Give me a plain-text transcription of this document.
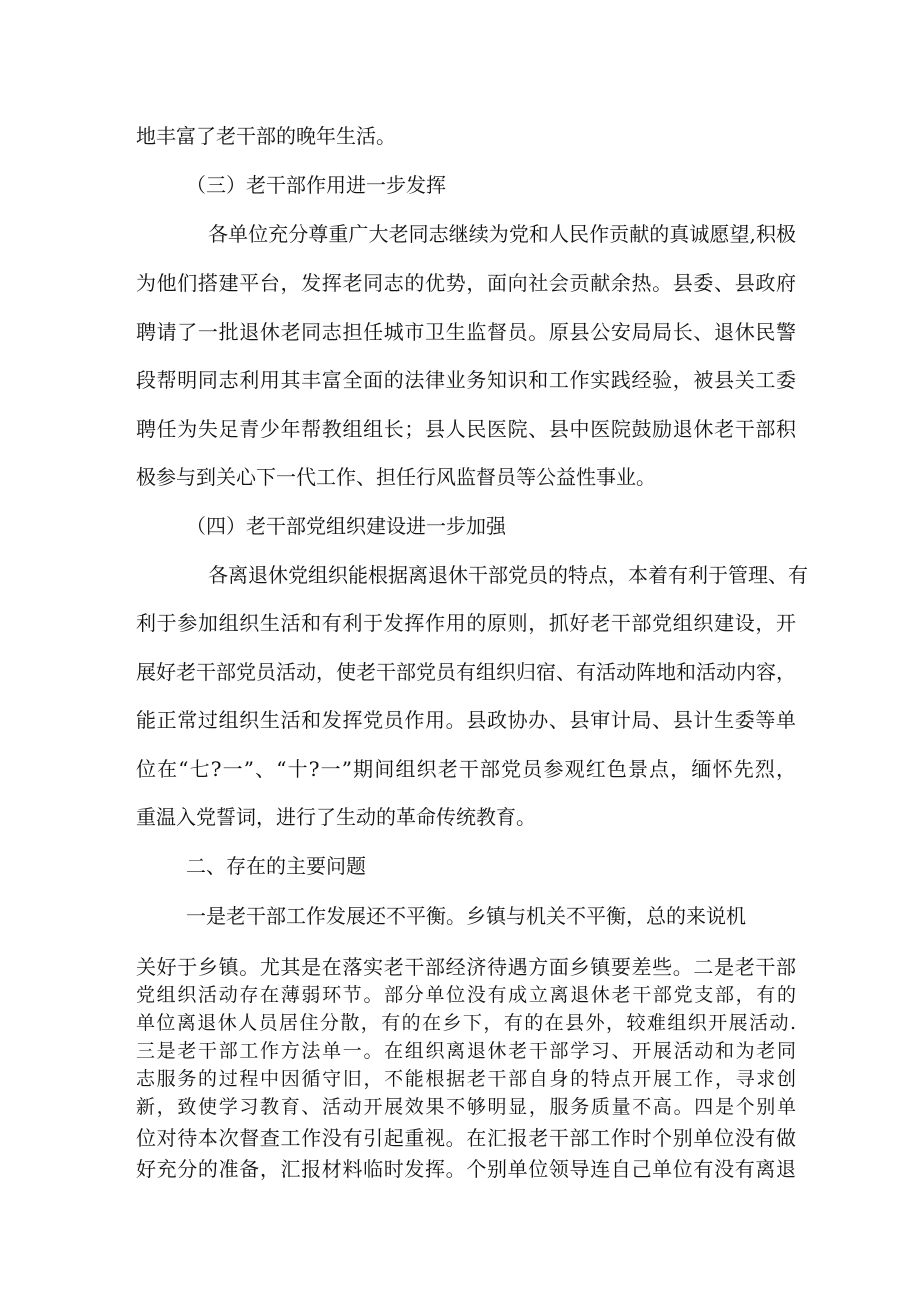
地丰富了老干部的晚年生活。
（三）老干部作用进一步发挥
各单位充分尊重广大老同志继续为党和人民作贡献的真诚愿望,积极
为他们搭建平台，发挥老同志的优势，面向社会贡献余热。县委、县政府
聘请了一批退休老同志担任城市卫生监督员。原县公安局局长、退休民警
段帮明同志利用其丰富全面的法律业务知识和工作实践经验，被县关工委
聘任为失足青少年帮教组组长；县人民医院、县中医院鼓励退休老干部积
极参与到关心下一代工作、担任行风监督员等公益性事业。
（四）老干部党组织建设进一步加强
各离退休党组织能根据离退休干部党员的特点，本着有利于管理、有
利于参加组织生活和有利于发挥作用的原则，抓好老干部党组织建设，开
展好老干部党员活动，使老干部党员有组织归宿、有活动阵地和活动内容，
能正常过组织生活和发挥党员作用。县政协办、县审计局、县计生委等单
位在“七?一”、“十?一”期间组织老干部党员参观红色景点，缅怀先烈，
重温入党誓词，进行了生动的革命传统教育。
二、存在的主要问题
一是老干部工作发展还不平衡。乡镇与机关不平衡，总的来说机
关好于乡镇。尤其是在落实老干部经济待遇方面乡镇要差些。二是老干部
党组织活动存在薄弱环节。部分单位没有成立离退休老干部党支部，有的
单位离退休人员居住分散，有的在乡下，有的在县外，较难组织开展活动.
三是老干部工作方法单一。在组织离退休老干部学习、开展活动和为老同
志服务的过程中因循守旧，不能根据老干部自身的特点开展工作，寻求创
新，致使学习教育、活动开展效果不够明显，服务质量不高。四是个别单
位对待本次督查工作没有引起重视。在汇报老干部工作时个别单位没有做
好充分的准备，汇报材料临时发挥。个别单位领导连自己单位有没有离退
